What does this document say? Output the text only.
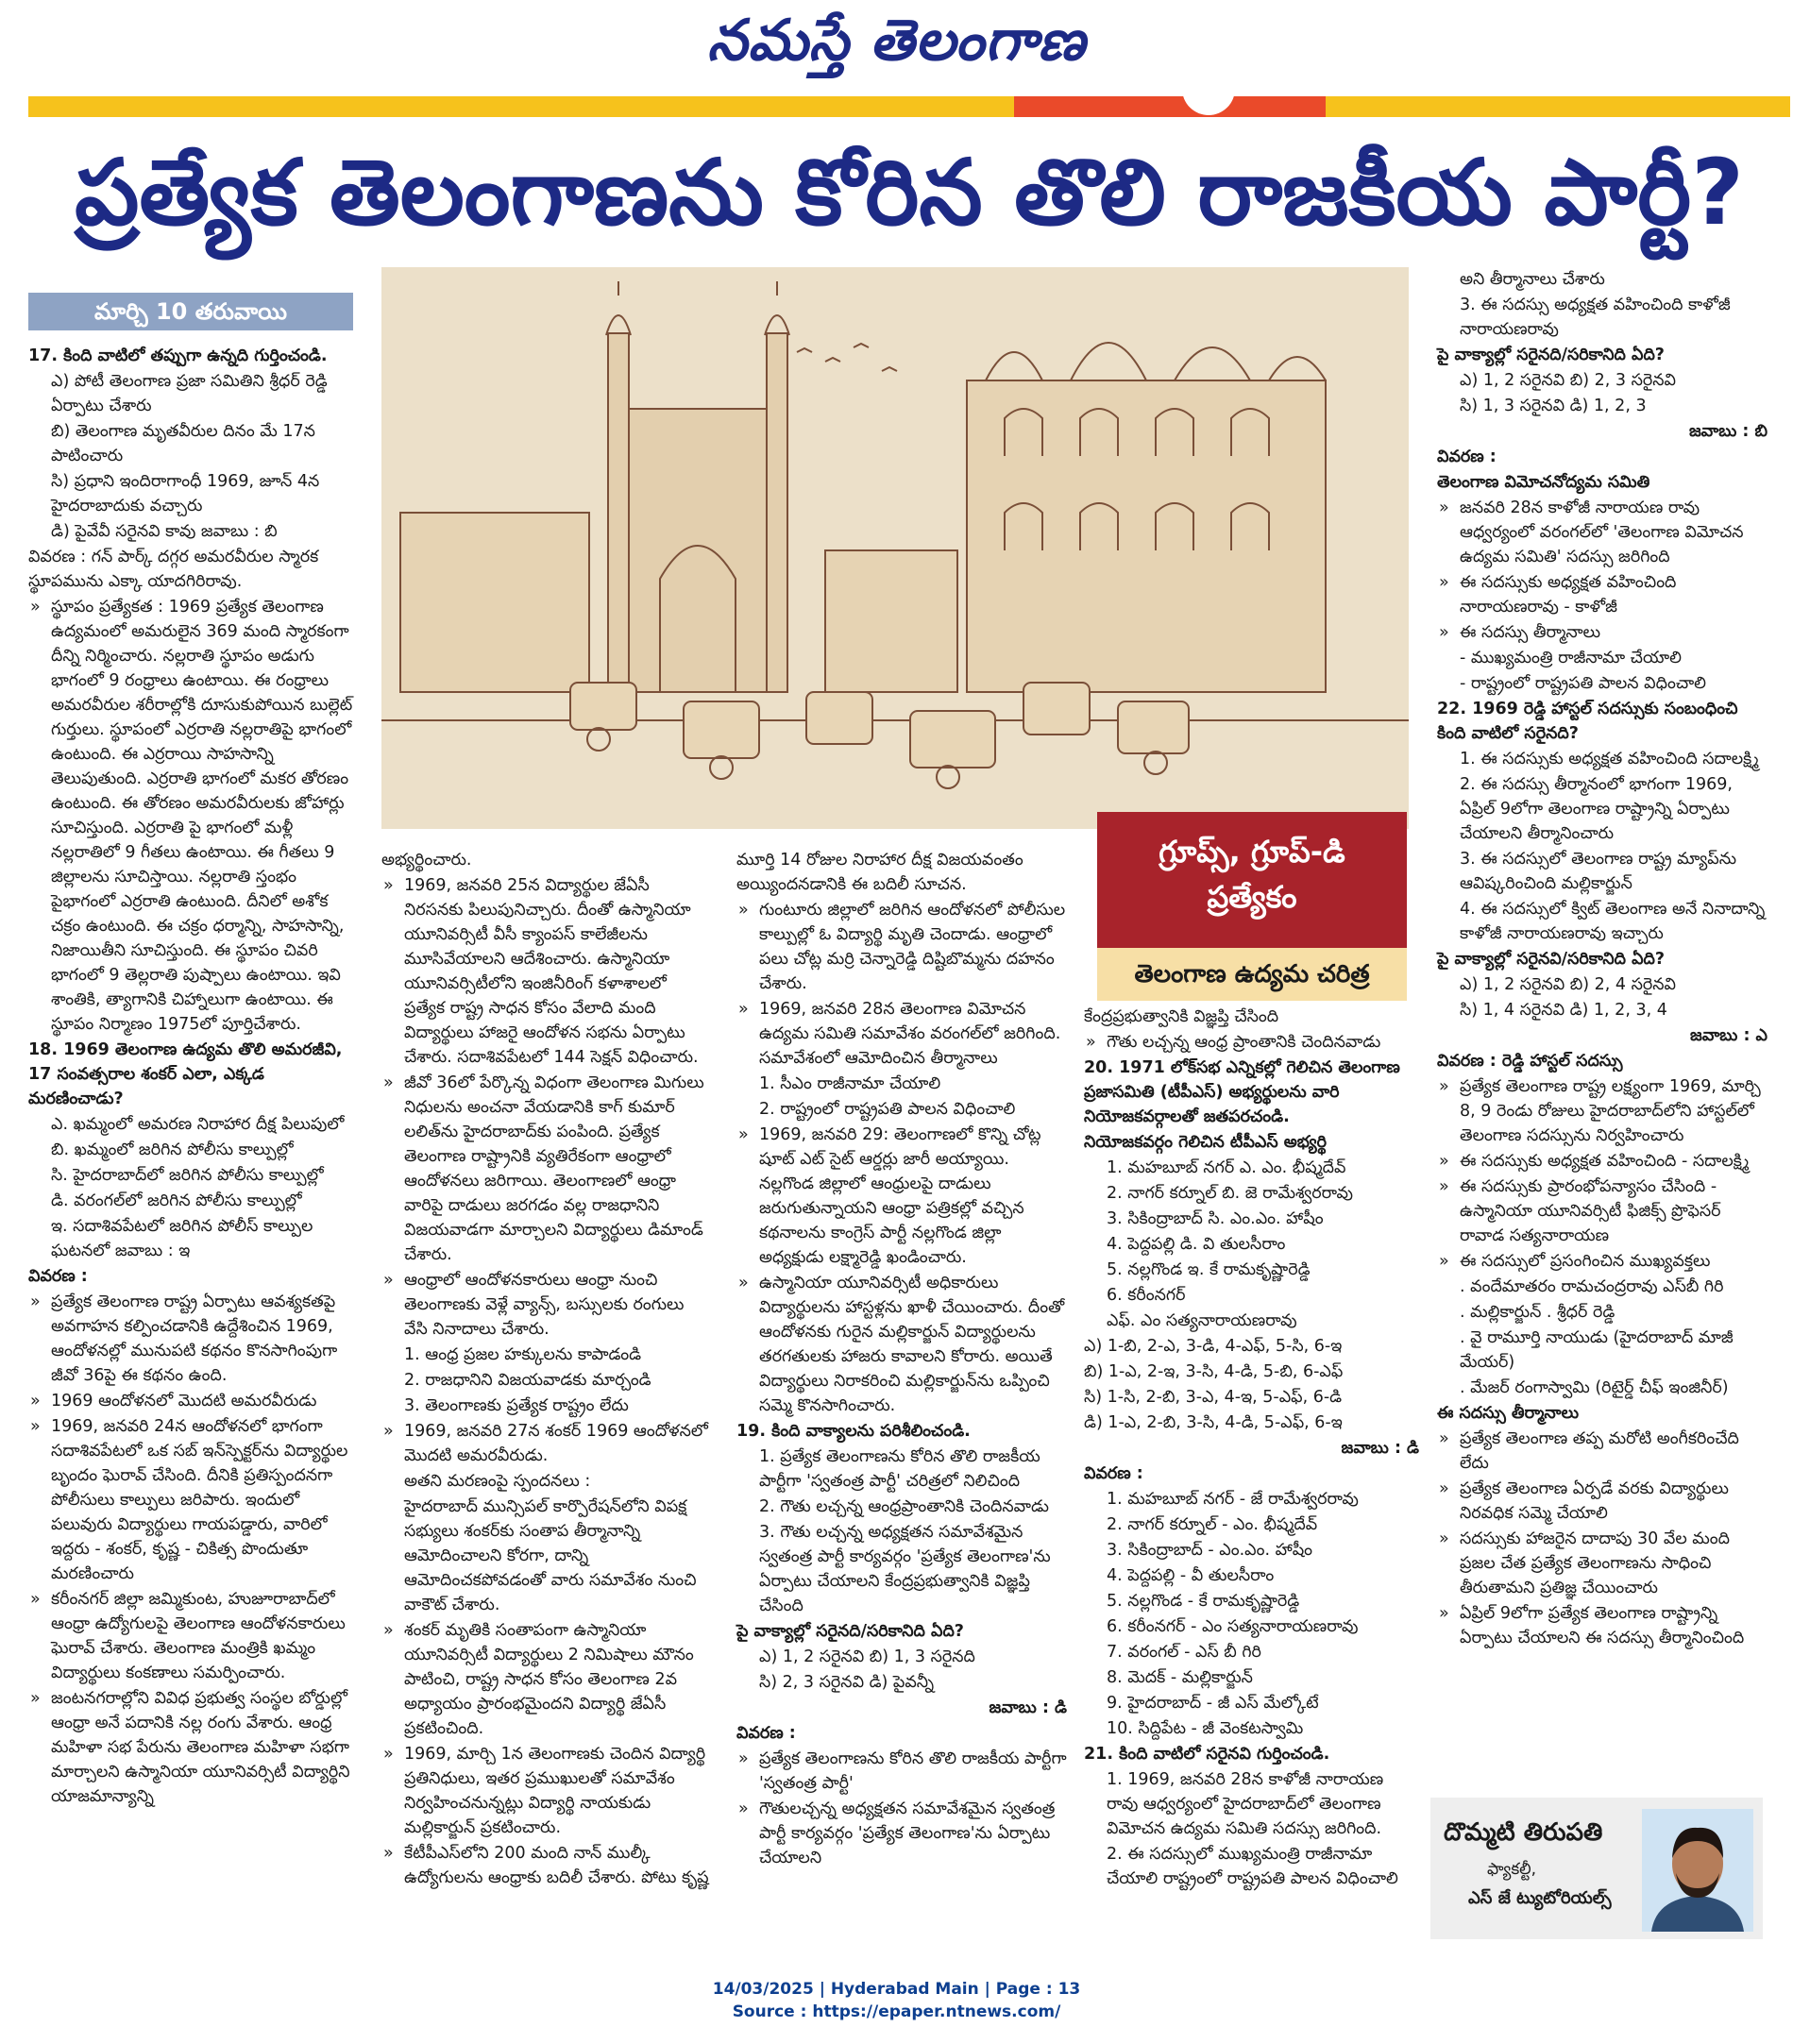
నమస్తే తెలంగాణ
ప్రత్యేక తెలంగాణను కోరిన తొలి రాజకీయ పార్టీ?
మార్చి 10 తరువాయి

17. కింది వాటిలో తప్పుగా ఉన్నది గుర్తించండి.

ఎ) పోటీ తెలంగాణ ప్రజా సమితిని శ్రీధర్ రెడ్డి ఏర్పాటు చేశారు

బి) తెలంగాణ మృతవీరుల దినం మే 17న పాటించారు

సి) ప్రధాని ఇందిరాగాంధీ 1969, జూన్ 4న హైదరాబాదుకు వచ్చారు

డి) పైవేవీ సరైనవి కావు జవాబు : బి

వివరణ : గన్ పార్క్ దగ్గర అమరవీరుల స్మారక స్థూపమును ఎక్కా యాదగిరిరావు.

» స్థూపం ప్రత్యేకత : 1969 ప్రత్యేక తెలంగాణ ఉద్యమంలో అమరులైన 369 మంది స్మారకంగా దీన్ని నిర్మించారు. నల్లరాతి స్థూపం అడుగు భాగంలో 9 రంధ్రాలు ఉంటాయి. ఈ రంధ్రాలు అమరవీరుల శరీరాల్లోకి దూసుకుపోయిన బుల్లెట్ గుర్తులు. స్థూపంలో ఎర్రరాతి నల్లరాతిపై భాగంలో ఉంటుంది. ఈ ఎర్రరాయి సాహసాన్ని తెలుపుతుంది. ఎర్రరాతి భాగంలో మకర తోరణం ఉంటుంది. ఈ తోరణం అమరవీరులకు జోహార్లు సూచిస్తుంది. ఎర్రరాతి పై భాగంలో మళ్లీ నల్లరాతిలో 9 గీతలు ఉంటాయి. ఈ గీతలు 9 జిల్లాలను సూచిస్తాయి. నల్లరాతి స్తంభం పైభాగంలో ఎర్రరాతి ఉంటుంది. దీనిలో అశోక చక్రం ఉంటుంది. ఈ చక్రం ధర్మాన్ని, సాహసాన్ని, నిజాయితీని సూచిస్తుంది. ఈ స్థూపం చివరి భాగంలో 9 తెల్లరాతి పుష్పాలు ఉంటాయి. ఇవి శాంతికి, త్యాగానికి చిహ్నాలుగా ఉంటాయి. ఈ స్థూపం నిర్మాణం 1975లో పూర్తిచేశారు.

18. 1969 తెలంగాణ ఉద్యమ తొలి అమరజీవి, 17 సంవత్సరాల శంకర్ ఎలా, ఎక్కడ మరణించాడు?

ఎ. ఖమ్మంలో అమరణ నిరాహార దీక్ష పిలుపులో

బి. ఖమ్మంలో జరిగిన పోలీసు కాల్పుల్లో

సి. హైదరాబాద్‌లో జరిగిన పోలీసు కాల్పుల్లో

డి. వరంగల్‌లో జరిగిన పోలీసు కాల్పుల్లో

ఇ. సదాశివపేటలో జరిగిన పోలీస్ కాల్పుల ఘటనలో జవాబు : ఇ

వివరణ :

» ప్రత్యేక తెలంగాణ రాష్ట్ర ఏర్పాటు ఆవశ్యకతపై అవగాహన కల్పించడానికి ఉద్దేశించిన 1969, ఆందోళనల్లో మునుపటి కథనం కొనసాగింపుగా జీవో 36పై ఈ కథనం ఉంది.

» 1969 ఆందోళనలో మొదటి అమరవీరుడు

» 1969, జనవరి 24న ఆందోళనలో భాగంగా సదాశివపేటలో ఒక సబ్ ఇన్‌స్పెక్టర్‌ను విద్యార్థుల బృందం ఘెరావ్ చేసింది. దీనికి ప్రతిస్పందనగా పోలీసులు కాల్పులు జరిపారు. ఇందులో పలువురు విద్యార్థులు గాయపడ్డారు, వారిలో ఇద్దరు - శంకర్, కృష్ణ - చికిత్స పొందుతూ మరణించారు

» కరీంనగర్ జిల్లా జమ్మికుంట, హుజూరాబాద్‌లో ఆంధ్రా ఉద్యోగులపై తెలంగాణ ఆందోళనకారులు ఘెరావ్ చేశారు. తెలంగాణ మంత్రికి ఖమ్మం విద్యార్థులు కంకణాలు సమర్పించారు.

» జంటనగరాల్లోని వివిధ ప్రభుత్వ సంస్థల బోర్డుల్లో ఆంధ్రా అనే పదానికి నల్ల రంగు వేశారు. ఆంధ్ర మహిళా సభ పేరును తెలంగాణ మహిళా సభగా మార్చాలని ఉస్మానియా యూనివర్సిటీ విద్యార్థిని యాజమాన్యాన్ని

అభ్యర్థించారు.

» 1969, జనవరి 25న విద్యార్థుల జేఏసీ నిరసనకు పిలుపునిచ్చారు. దీంతో ఉస్మానియా యూనివర్సిటీ వీసీ క్యాంపస్ కాలేజీలను మూసివేయాలని ఆదేశించారు. ఉస్మానియా యూనివర్సిటీలోని ఇంజినీరింగ్ కళాశాలలో ప్రత్యేక రాష్ట్ర సాధన కోసం వేలాది మంది విద్యార్థులు హాజరై ఆందోళన సభను ఏర్పాటు చేశారు. సదాశివపేటలో 144 సెక్షన్ విధించారు.

» జీవో 36లో పేర్కొన్న విధంగా తెలంగాణ మిగులు నిధులను అంచనా వేయడానికి కాగ్ కుమార్ లలిత్‌ను హైదరాబాద్‌కు పంపింది. ప్రత్యేక తెలంగాణ రాష్ట్రానికి వ్యతిరేకంగా ఆంధ్రాలో ఆందోళనలు జరిగాయి. తెలంగాణలో ఆంధ్రా వారిపై దాడులు జరగడం వల్ల రాజధానిని విజయవాడగా మార్చాలని విద్యార్థులు డిమాండ్ చేశారు.

» ఆంధ్రాలో ఆందోళనకారులు ఆంధ్రా నుంచి తెలంగాణకు వెళ్లే వ్యాన్స్, బస్సులకు రంగులు వేసి నినాదాలు చేశారు.

1. ఆంధ్ర ప్రజల హక్కులను కాపాడండి

2. రాజధానిని విజయవాడకు మార్చండి

3. తెలంగాణకు ప్రత్యేక రాష్ట్రం లేదు

» 1969, జనవరి 27న శంకర్ 1969 ఆందోళనలో మొదటి అమరవీరుడు.

అతని మరణంపై స్పందనలు :

హైదరాబాద్ మున్సిపల్ కార్పొరేషన్‌లోని విపక్ష సభ్యులు శంకర్‌కు సంతాప తీర్మానాన్ని ఆమోదించాలని కోరగా, దాన్ని ఆమోదించకపోవడంతో వారు సమావేశం నుంచి వాకౌట్ చేశారు.

» శంకర్ మృతికి సంతాపంగా ఉస్మానియా యూనివర్సిటీ విద్యార్థులు 2 నిమిషాలు మౌనం పాటించి, రాష్ట్ర సాధన కోసం తెలంగాణ 2వ అధ్యాయం ప్రారంభమైందని విద్యార్థి జేఏసీ ప్రకటించింది.

» 1969, మార్చి 1న తెలంగాణకు చెందిన విద్యార్థి ప్రతినిధులు, ఇతర ప్రముఖులతో సమావేశం నిర్వహించనున్నట్లు విద్యార్థి నాయకుడు మల్లికార్జున్ ప్రకటించారు.

» కేటీపీఎస్‌లోని 200 మంది నాన్ ముల్కీ ఉద్యోగులను ఆంధ్రాకు బదిలీ చేశారు. పోటు కృష్ణ

మూర్తి 14 రోజుల నిరాహార దీక్ష విజయవంతం అయ్యిందనడానికి ఈ బదిలీ సూచన.

» గుంటూరు జిల్లాలో జరిగిన ఆందోళనలో పోలీసుల కాల్పుల్లో ఓ విద్యార్థి మృతి చెందాడు. ఆంధ్రాలో పలు చోట్ల మర్రి చెన్నారెడ్డి దిష్టిబొమ్మను దహనం చేశారు.

» 1969, జనవరి 28న తెలంగాణ విమోచన ఉద్యమ సమితి సమావేశం వరంగల్‌లో జరిగింది. సమావేశంలో ఆమోదించిన తీర్మానాలు

1. సీఎం రాజీనామా చేయాలి

2. రాష్ట్రంలో రాష్ట్రపతి పాలన విధించాలి

» 1969, జనవరి 29: తెలంగాణలో కొన్ని చోట్ల షూట్ ఎట్ సైట్ ఆర్డర్లు జారీ అయ్యాయి. నల్లగొండ జిల్లాలో ఆంధ్రులపై దాడులు జరుగుతున్నాయని ఆంధ్రా పత్రికల్లో వచ్చిన కథనాలను కాంగ్రెస్ పార్టీ నల్లగొండ జిల్లా అధ్యక్షుడు లక్ష్మారెడ్డి ఖండించారు.

» ఉస్మానియా యూనివర్సిటీ అధికారులు విద్యార్థులను హాస్టళ్లను ఖాళీ చేయించారు. దీంతో ఆందోళనకు గురైన మల్లికార్జున్ విద్యార్థులను తరగతులకు హాజరు కావాలని కోరారు. అయితే విద్యార్థులు నిరాకరించి మల్లికార్జున్‌ను ఒప్పించి సమ్మె కొనసాగించారు.

19. కింది వాక్యాలను పరిశీలించండి.

1. ప్రత్యేక తెలంగాణను కోరిన తొలి రాజకీయ పార్టీగా 'స్వతంత్ర పార్టీ' చరిత్రలో నిలిచింది

2. గౌతు లచ్చన్న ఆంధ్రప్రాంతానికి చెందినవాడు

3. గౌతు లచ్చన్న అధ్యక్షతన సమావేశమైన స్వతంత్ర పార్టీ కార్యవర్గం 'ప్రత్యేక తెలంగాణ'ను ఏర్పాటు చేయాలని కేంద్రప్రభుత్వానికి విజ్ఞప్తి చేసింది

పై వాక్యాల్లో సరైనది/సరికానిది ఏది?

ఎ) 1, 2 సరైనవి బి) 1, 3 సరైనది

సి) 2, 3 సరైనవి డి) పైవన్నీ

జవాబు : డి

వివరణ :

» ప్రత్యేక తెలంగాణను కోరిన తొలి రాజకీయ పార్టీగా 'స్వతంత్ర పార్టీ'

» గౌతులచ్చన్న అధ్యక్షతన సమావేశమైన స్వతంత్ర పార్టీ కార్యవర్గం 'ప్రత్యేక తెలంగాణ'ను ఏర్పాటు చేయాలని

కేంద్రప్రభుత్వానికి విజ్ఞప్తి చేసింది

» గౌతు లచ్చన్న ఆంధ్ర ప్రాంతానికి చెందినవాడు

20. 1971 లోక్‌సభ ఎన్నికల్లో గెలిచిన తెలంగాణ ప్రజాసమితి (టీపీఎస్) అభ్యర్థులను వారి నియోజకవర్గాలతో జతపరచండి.

నియోజకవర్గం గెలిచిన టీపీఎస్ అభ్యర్థి

1. మహబూబ్ నగర్ ఎ. ఎం. భీష్మదేవ్

2. నాగర్ కర్నూల్ బి. జె రామేశ్వరరావు

3. సికింద్రాబాద్ సి. ఎం.ఎం. హాషీం

4. పెద్దపల్లి డి. వి తులసీరాం

5. నల్లగొండ ఇ. కే రామకృష్ణారెడ్డి

6. కరీంనగర్

ఎఫ్. ఎం సత్యనారాయణరావు

ఎ) 1-బి, 2-ఎ, 3-డి, 4-ఎఫ్, 5-సి, 6-ఇ

బి) 1-ఎ, 2-ఇ, 3-సి, 4-డి, 5-బి, 6-ఎఫ్

సి) 1-సి, 2-బి, 3-ఎ, 4-ఇ, 5-ఎఫ్, 6-డి

డి) 1-ఎ, 2-బి, 3-సి, 4-డి, 5-ఎఫ్, 6-ఇ

జవాబు : డి

వివరణ :

1. మహబూబ్ నగర్ - జే రామేశ్వరరావు

2. నాగర్ కర్నూల్ - ఎం. భీష్మదేవ్

3. సికింద్రాబాద్ - ఎం.ఎం. హాషీం

4. పెద్దపల్లి - వీ తులసీరాం

5. నల్లగొండ - కే రామకృష్ణారెడ్డి

6. కరీంనగర్ - ఎం సత్యనారాయణరావు

7. వరంగల్ - ఎస్ బీ గిరి

8. మెదక్ - మల్లికార్జున్

9. హైదరాబాద్ - జీ ఎస్ మేల్కోటే

10. సిద్దిపేట - జీ వెంకటస్వామి

21. కింది వాటిలో సరైనవి గుర్తించండి.

1. 1969, జనవరి 28న కాళోజీ నారాయణ రావు ఆధ్వర్యంలో హైదరాబాద్‌లో తెలంగాణ విమోచన ఉద్యమ సమితి సదస్సు జరిగింది.

2. ఈ సదస్సులో ముఖ్యమంత్రి రాజీనామా చేయాలి రాష్ట్రంలో రాష్ట్రపతి పాలన విధించాలి

అని తీర్మానాలు చేశారు

3. ఈ సదస్సు అధ్యక్షత వహించింది కాళోజీ నారాయణరావు

పై వాక్యాల్లో సరైనది/సరికానిది ఏది?

ఎ) 1, 2 సరైనవి బి) 2, 3 సరైనవి

సి) 1, 3 సరైనవి డి) 1, 2, 3

జవాబు : బి

వివరణ :

తెలంగాణ విమోచనోద్యమ సమితి

» జనవరి 28న కాళోజీ నారాయణ రావు ఆధ్వర్యంలో వరంగల్‌లో 'తెలంగాణ విమోచన ఉద్యమ సమితి' సదస్సు జరిగింది

» ఈ సదస్సుకు అధ్యక్షత వహించింది నారాయణరావు - కాళోజీ

» ఈ సదస్సు తీర్మానాలు

- ముఖ్యమంత్రి రాజీనామా చేయాలి

- రాష్ట్రంలో రాష్ట్రపతి పాలన విధించాలి

22. 1969 రెడ్డి హాస్టల్ సదస్సుకు సంబంధించి కింది వాటిలో సరైనది?

1. ఈ సదస్సుకు అధ్యక్షత వహించింది సదాలక్ష్మి

2. ఈ సదస్సు తీర్మానంలో భాగంగా 1969, ఏప్రిల్ 9లోగా తెలంగాణ రాష్ట్రాన్ని ఏర్పాటు చేయాలని తీర్మానించారు

3. ఈ సదస్సులో తెలంగాణ రాష్ట్ర మ్యాప్‌ను ఆవిష్కరించింది మల్లికార్జున్

4. ఈ సదస్సులో క్విట్ తెలంగాణ అనే నినాదాన్ని కాళోజీ నారాయణరావు ఇచ్చారు

పై వాక్యాల్లో సరైనవి/సరికానిది ఏది?

ఎ) 1, 2 సరైనవి బి) 2, 4 సరైనవి

సి) 1, 4 సరైనవి డి) 1, 2, 3, 4

జవాబు : ఎ

వివరణ : రెడ్డి హాస్టల్ సదస్సు

» ప్రత్యేక తెలంగాణ రాష్ట్ర లక్ష్యంగా 1969, మార్చి 8, 9 రెండు రోజులు హైదరాబాద్‌లోని హాస్టల్‌లో తెలంగాణ సదస్సును నిర్వహించారు

» ఈ సదస్సుకు అధ్యక్షత వహించింది - సదాలక్ష్మి

» ఈ సదస్సుకు ప్రారంభోపన్యాసం చేసింది - ఉస్మానియా యూనివర్సిటీ ఫిజిక్స్ ప్రొఫెసర్ రావాడ సత్యనారాయణ

» ఈ సదస్సులో ప్రసంగించిన ముఖ్యవక్తలు

. వందేమాతరం రామచంద్రరావు ఎస్‌బీ గిరి

. మల్లికార్జున్ . శ్రీధర్ రెడ్డి

. వై రామూర్తి నాయుడు (హైదరాబాద్ మాజీ మేయర్)

. మేజర్ రంగాస్వామి (రిటైర్డ్ చీఫ్ ఇంజినీర్)

ఈ సదస్సు తీర్మానాలు

» ప్రత్యేక తెలంగాణ తప్ప మరోటి అంగీకరించేది లేదు

» ప్రత్యేక తెలంగాణ ఏర్పడే వరకు విద్యార్థులు నిరవధిక సమ్మె చేయాలి

» సదస్సుకు హాజరైన దాదాపు 30 వేల మంది ప్రజల చేత ప్రత్యేక తెలంగాణను సాధించి తీరుతామని ప్రతిజ్ఞ చేయించారు

» ఏప్రిల్ 9లోగా ప్రత్యేక తెలంగాణ రాష్ట్రాన్ని ఏర్పాటు చేయాలని ఈ సదస్సు తీర్మానించింది

గ్రూప్స్, గ్రూప్-డి
ప్రత్యేకం
తెలంగాణ ఉద్యమ చరిత్ర
దొమ్మటి తిరుపతి
ఫ్యాకల్టీ,
ఎస్ జే ట్యుటోరియల్స్
14/03/2025 | Hyderabad Main | Page : 13
Source : https://epaper.ntnews.com/
